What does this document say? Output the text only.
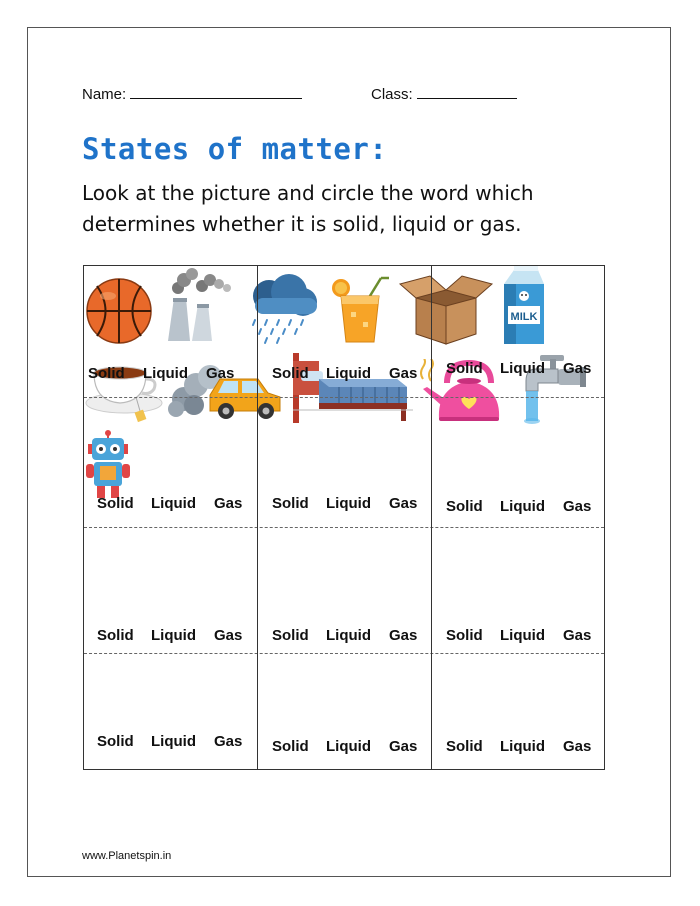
Name:	Class:
States of matter:
Look at the picture and circle the word which determines whether it is solid, liquid or gas.

Solid Liquid Gas
	Solid Liquid Gas
Solid Liquid Gas

Solid Liquid Gas
Solid Liquid Gas
MILK

Solid Liquid Gas

Solid Liquid Gas
Solid Liquid Gas
Solid Liquid Gas

Solid Liquid Gas
Solid Liquid Gas Solid Liquid Gas
www.Planetspin.in
